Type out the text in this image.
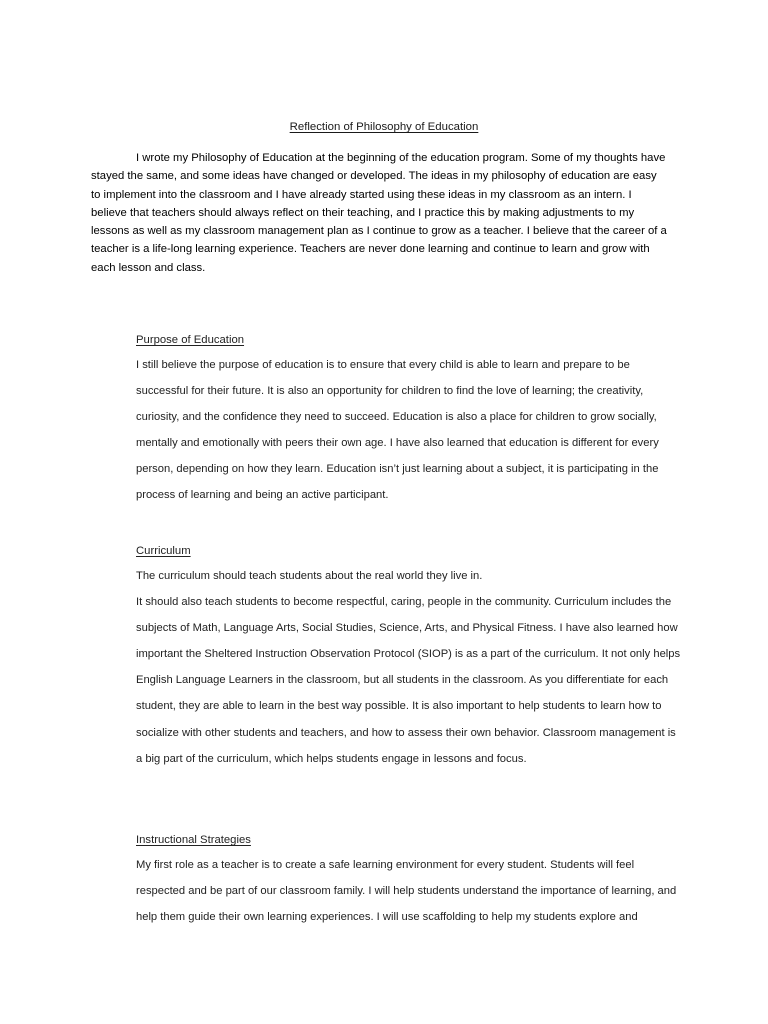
Reflection of Philosophy of Education

I wrote my Philosophy of Education at the beginning of the education program. Some of my thoughts have stayed the same, and some ideas have changed or developed. The ideas in my philosophy of education are easy to implement into the classroom and I have already started using these ideas in my classroom as an intern. I believe that teachers should always reflect on their teaching, and I practice this by making adjustments to my lessons as well as my classroom management plan as I continue to grow as a teacher. I believe that the career of a teacher is a life-long learning experience. Teachers are never done learning and continue to learn and grow with each lesson and class.

Purpose of Education

I still believe the purpose of education is to ensure that every child is able to learn and prepare to be successful for their future. It is also an opportunity for children to find the love of learning; the creativity, curiosity, and the confidence they need to succeed. Education is also a place for children to grow socially, mentally and emotionally with peers their own age. I have also learned that education is different for every person, depending on how they learn. Education isn’t just learning about a subject, it is participating in the process of learning and being an active participant.

Curriculum

The curriculum should teach students about the real world they live in.

It should also teach students to become respectful, caring, people in the community. Curriculum includes the subjects of Math, Language Arts, Social Studies, Science, Arts, and Physical Fitness. I have also learned how important the Sheltered Instruction Observation Protocol (SIOP) is as a part of the curriculum. It not only helps English Language Learners in the classroom, but all students in the classroom. As you differentiate for each student, they are able to learn in the best way possible. It is also important to help students to learn how to socialize with other students and teachers, and how to assess their own behavior. Classroom management is a big part of the curriculum, which helps students engage in lessons and focus.

Instructional Strategies

My first role as a teacher is to create a safe learning environment for every student. Students will feel respected and be part of our classroom family. I will help students understand the importance of learning, and help them guide their own learning experiences. I will use scaffolding to help my students explore and
